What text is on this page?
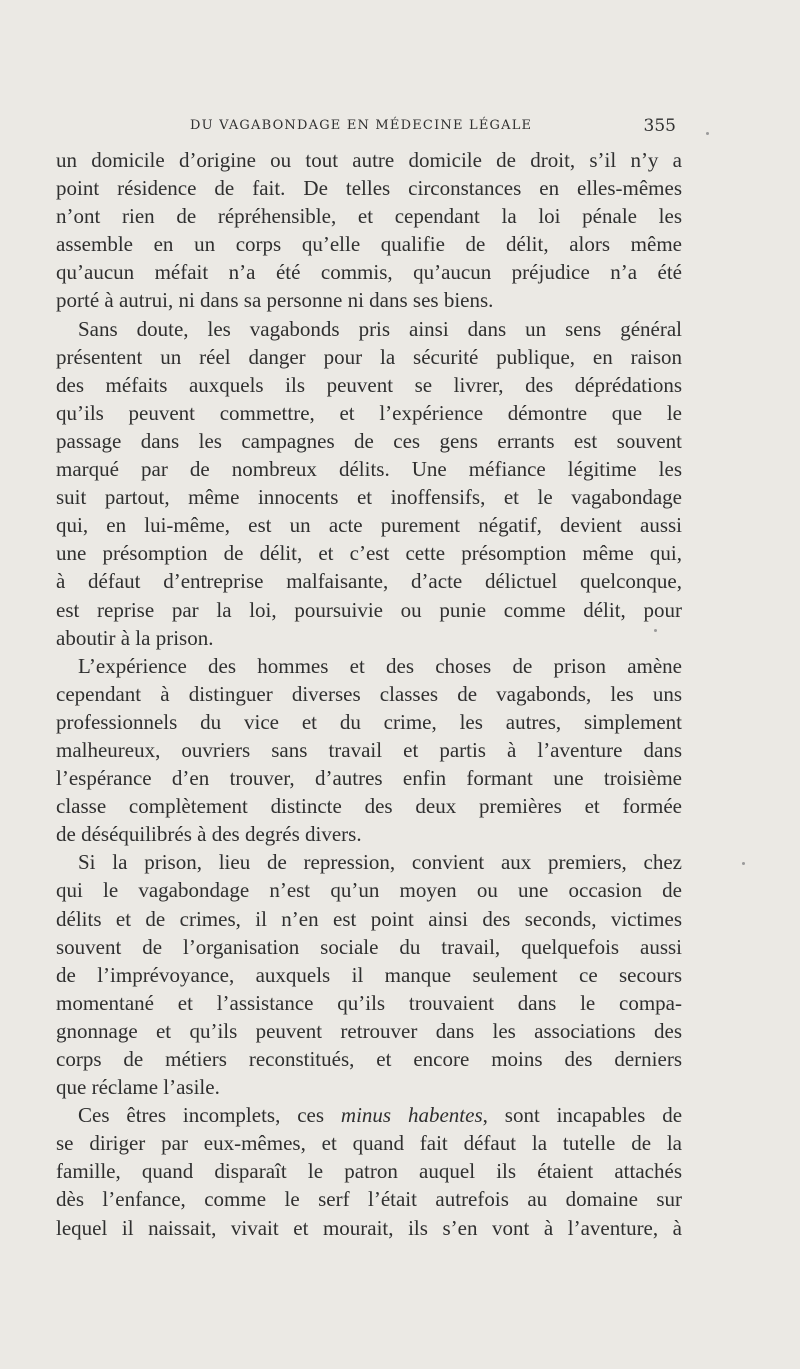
DU VAGABONDAGE EN MÉDECINE LÉGALE	355

un domicile d’origine ou tout autre domicile de droit, s’il n’y a
point résidence de fait. De telles circonstances en elles-mêmes
n’ont rien de répréhensible, et cependant la loi pénale les
assemble en un corps qu’elle qualifie de délit, alors même
qu’aucun méfait n’a été commis, qu’aucun préjudice n’a été
porté à autrui, ni dans sa personne ni dans ses biens.

Sans doute, les vagabonds pris ainsi dans un sens général
présentent un réel danger pour la sécurité publique, en raison
des méfaits auxquels ils peuvent se livrer, des déprédations
qu’ils peuvent commettre, et l’expérience démontre que le
passage dans les campagnes de ces gens errants est souvent
marqué par de nombreux délits. Une méfiance légitime les
suit partout, même innocents et inoffensifs, et le vagabondage
qui, en lui-même, est un acte purement négatif, devient aussi
une présomption de délit, et c’est cette présomption même qui,
à défaut d’entreprise malfaisante, d’acte délictuel quelconque,
est reprise par la loi, poursuivie ou punie comme délit, pour
aboutir à la prison.

L’expérience des hommes et des choses de prison amène
cependant à distinguer diverses classes de vagabonds, les uns
professionnels du vice et du crime, les autres, simplement
malheureux, ouvriers sans travail et partis à l’aventure dans
l’espérance d’en trouver, d’autres enfin formant une troisième
classe complètement distincte des deux premières et formée
de déséquilibrés à des degrés divers.

Si la prison, lieu de repression, convient aux premiers, chez
qui le vagabondage n’est qu’un moyen ou une occasion de
délits et de crimes, il n’en est point ainsi des seconds, victimes
souvent de l’organisation sociale du travail, quelquefois aussi
de l’imprévoyance, auxquels il manque seulement ce secours
momentané et l’assistance qu’ils trouvaient dans le compa-
gnonnage et qu’ils peuvent retrouver dans les associations des
corps de métiers reconstitués, et encore moins des derniers
que réclame l’asile.

Ces êtres incomplets, ces minus habentes, sont incapables de
se diriger par eux-mêmes, et quand fait défaut la tutelle de la
famille, quand disparaît le patron auquel ils étaient attachés
dès l’enfance, comme le serf l’était autrefois au domaine sur
lequel il naissait, vivait et mourait, ils s’en vont à l’aventure, à
